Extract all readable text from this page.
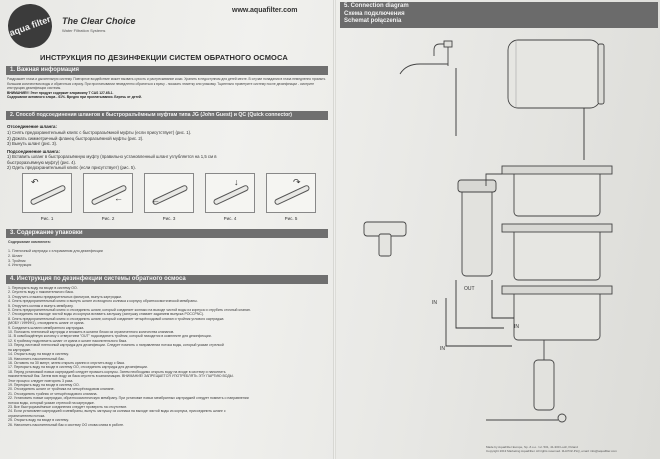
aqua filter	The Clear Choice
Water Filtration Systems
www.aquafilter.com
ИНСТРУКЦИЯ ПО ДЕЗИНФЕКЦИИ СИСТЕМ ОБРАТНОГО ОСМОСА
1. Важная информация
Раздражает глаза и дыхательную систему. Повторное воздействие может вызвать сухость и растрескивание кожи. Хранить в недоступном для детей месте. В случае попадания в глаза немедленно промыть большим количеством воды и обратиться к врачу. При проглатывании немедленно обратиться к врачу - показать этикетку или упаковку. Тщательно проветрите систему после дезинфекции - смотрите инструкцию дезинфекции системы.
ВНИМАНИЕ!!! Этот продукт содержит хлорамину Т CAS 127-65-1.
Содержание активного хлора - 61%. Вредно при проглатывании. Беречь от детей.
2. Способ подсоединения шлангов к быстроразъёмным муфтам типа JG (John Guest) и QC (Quick connector)
Отсоединение шланга:
1) Снять предохранительный клипс с быстроразъёмной муфты (если присутствует) (рис. 1).
2) Дожать симметричный фланец быстроразъёмной муфты (рис. 2).
3) Вынуть шланг (рис. 3).
Подсоединение шланга:
1) Вставить шланг в быстроразъёмную муфту (правильно установленный шланг углубляется на 1,5 см в
быстроразъёмную муфту) (рис. 4).
2) Одеть предохранительный клипс (если присутствует) (рис. 5).
↶
Рис. 1
←
Рис. 2
←
Рис. 3
↓
Рис. 4
↷
Рис. 5
3. Содержание упаковки
Содержание комплекта:
1. Пленочный картридж с хлорамином для дезинфекции
2. Шланг
3. Тройник
4. Инструкция
4. Инструкция по дезинфекции системы обратного осмоса
1. Перекрыть воду на входе в систему ОО.
2. Спустить воду с накопительного бака.
3. Открутить стаканы предварительных фильтров, вынуть картриджи.
4. Снять предохранительный клипс и вынуть шланг из входного колпака к корпусу обратноосмотической мембраны.
5. Открутить колпак и вынуть мембрану.
6. Снять предохранительный клипс и отсоединить шланг, который соединяет колпако на выходе чистой воды из корпуса и отрубить сточный клапан.
7. Отсоединить на выходе чистой воды из корпуса вставить заглушку (заглушку снимает заданием выпуска РОСCPNC).
8. Снять предохранительный клипс и отсоединить шланг, который соединяет четырёхходовой клапан и тройник углового картриджа
(МОБУ / ИНФН1), отсоединить шланг от крана.
9. Соединить шланги мембранного картриджа.
10. Положить пленочный картридж и вложить в шланги блоки из ограниченного количества клапанов.
11. В освобождённую колонку с отверстием "OUT" подсоединить тройник, который находится в комплекте для дезинфекции.
12. К тройнику подключить шланг от крана и шланг накопительного бака.
13. Перед листовой пленочный картридж для дезинфекции. Следует помнить о направлении потока воды, который указан стрелкой
на картридже.
14. Открыть воду на входе в систему.
15. Наполнить накопительный бак.
16. Оставить на 30 минут, затем открыть кранни и спустить воду с бака.
17. Перекрыть воду на входе в систему ОО, отсоединить картридж для дезинфекции.
18. Перед установкой новых картриджей следует промыть корпусы. Затем необходимо открыть воду на входе в систему и наполнить
накопительный бак. Затем всю воду из бака спустить в канализацию. ВНИМАНИЕ! ЗАПРЕЩАЕТСЯ УПОТРЕБЛЯТЬ ЭТУ ПАРТИЮ ВОДЫ.
Этот процесс следует повторить 3 раза.
19. Перекрыть воду на входе в систему ОО.
20. Отсоединить шланг от тройника на четырёхходовом клапане.
21. Отсоединить тройник от четырёхходового клапана.
22. Установить новые картриджи, обратноосмотическую мембрану. При установке новых мембранных картриджей следует помнить о направлении
потока воды, который указан стрелкой на картридже.
23. Все быстроразъёмные соединения следует проверить на отсутствие.
24. Если установлен картриджей и мембраны, вынуть заглушку из колпака на выходе чистой воды из корпуса, присоединить шланг с
ограничителем потока.
25. Открыть воду на входе в систему.
26. Наполнить накопительный бак и систему ОО снова слива в работе.
5. Connection diagram
Схема подключения
Schemat połączenia
OUT
IN
IN
IN
Made by AquaFilter Europe, Sp. Z.o.o. / ul. 501, 41-300 Lodz, Poland
Copyright 2013 Marketing AquaFilter. All rights reserved. 3H-POZ-PLQ, email: info@aquafilter.com
